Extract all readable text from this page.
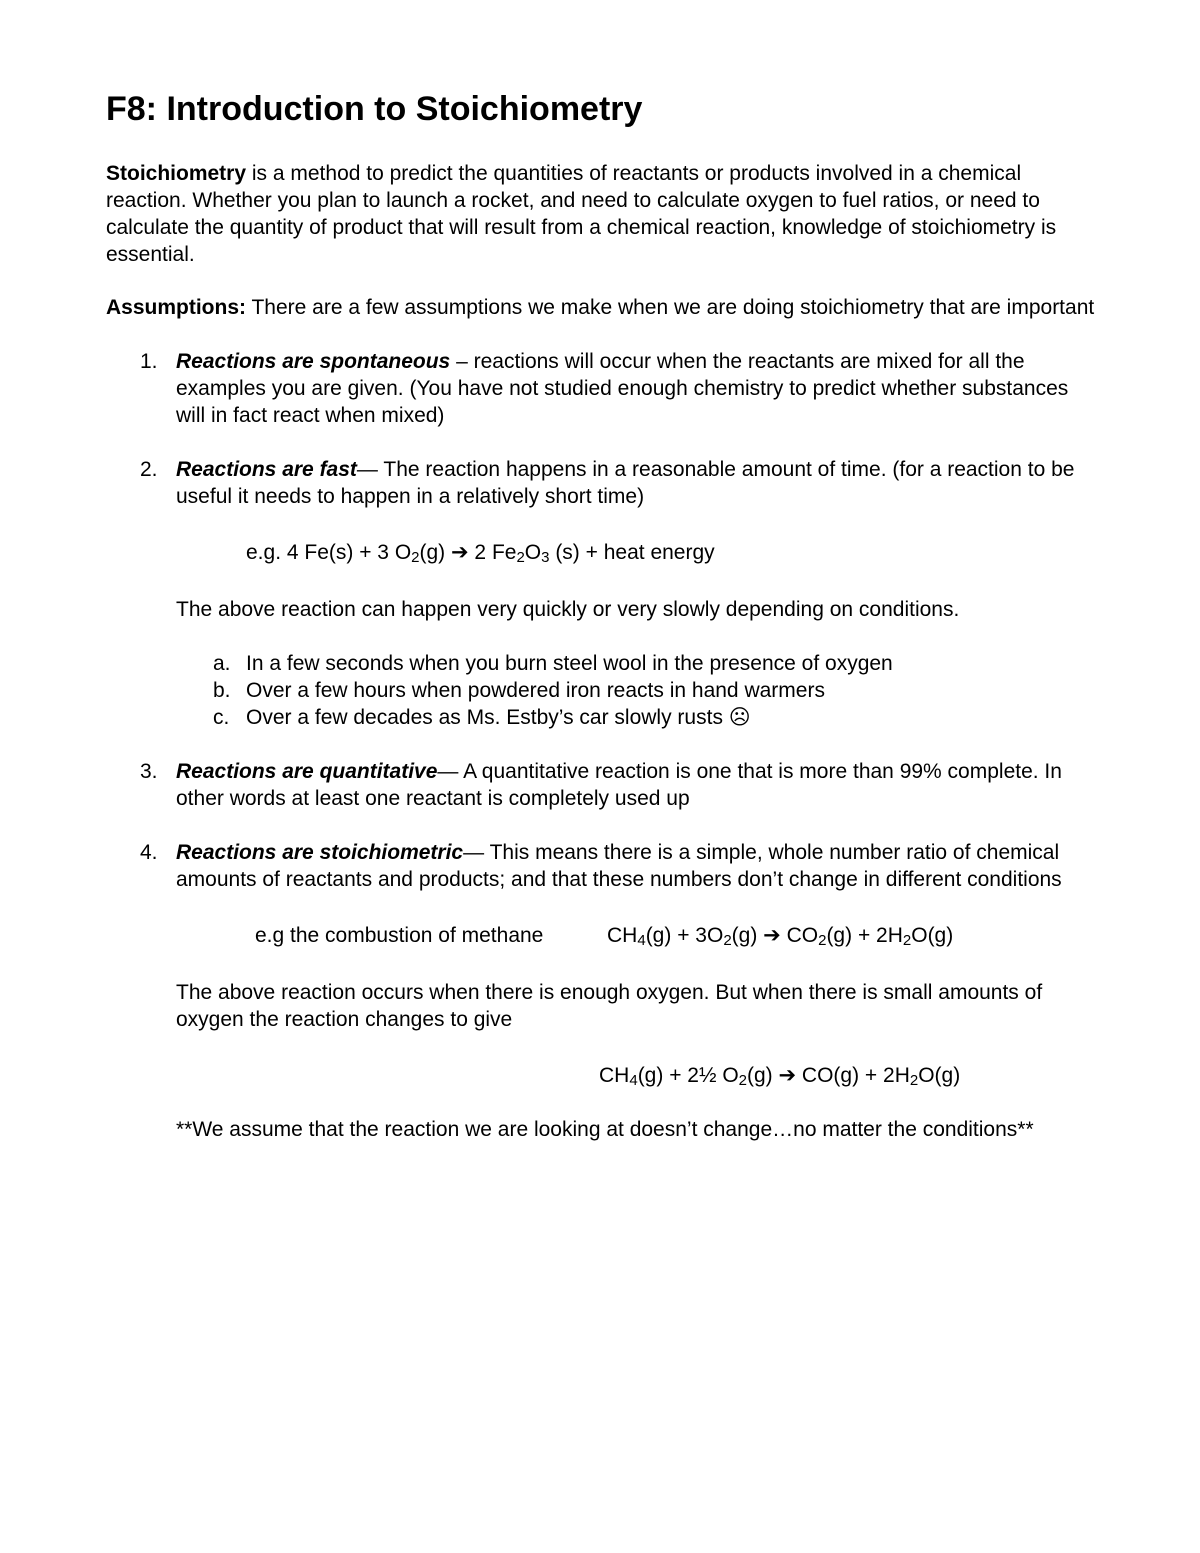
F8: Introduction to Stoichiometry

Stoichiometry is a method to predict the quantities of reactants or products involved in a chemical reaction. Whether you plan to launch a rocket, and need to calculate oxygen to fuel ratios, or need to calculate the quantity of product that will result from a chemical reaction, knowledge of stoichiometry is essential.

Assumptions: There are a few assumptions we make when we are doing stoichiometry that are important

1. Reactions are spontaneous – reactions will occur when the reactants are mixed for all the examples you are given. (You have not studied enough chemistry to predict whether substances will in fact react when mixed)

2. Reactions are fast— The reaction happens in a reasonable amount of time. (for a reaction to be useful it needs to happen in a relatively short time)

e.g. 4 Fe(s) + 3 $O_2(g)$ ➔ 2 $Fe_2O_3$ (s) + heat energy

The above reaction can happen very quickly or very slowly depending on conditions.

a. In a few seconds when you burn steel wool in the presence of oxygen
b. Over a few hours when powdered iron reacts in hand warmers
c. Over a few decades as Ms. Estby’s car slowly rusts ☹
3. Reactions are quantitative— A quantitative reaction is one that is more than 99% complete. In other words at least one reactant is completely used up

4. Reactions are stoichiometric— This means there is a simple, whole number ratio of chemical amounts of reactants and products; and that these numbers don’t change in different conditions

e.g the combustion of methane	$CH_4(g) + 3O_2(g)$ ➔ $CO_2(g) + 2H_2O(g)$

The above reaction occurs when there is enough oxygen. But when there is small amounts of oxygen the reaction changes to give

$CH_4(g)$ + 2½ $O_2(g)$ ➔ $CO(g) + 2H_2O(g)$

**We assume that the reaction we are looking at doesn’t change…no matter the conditions**
